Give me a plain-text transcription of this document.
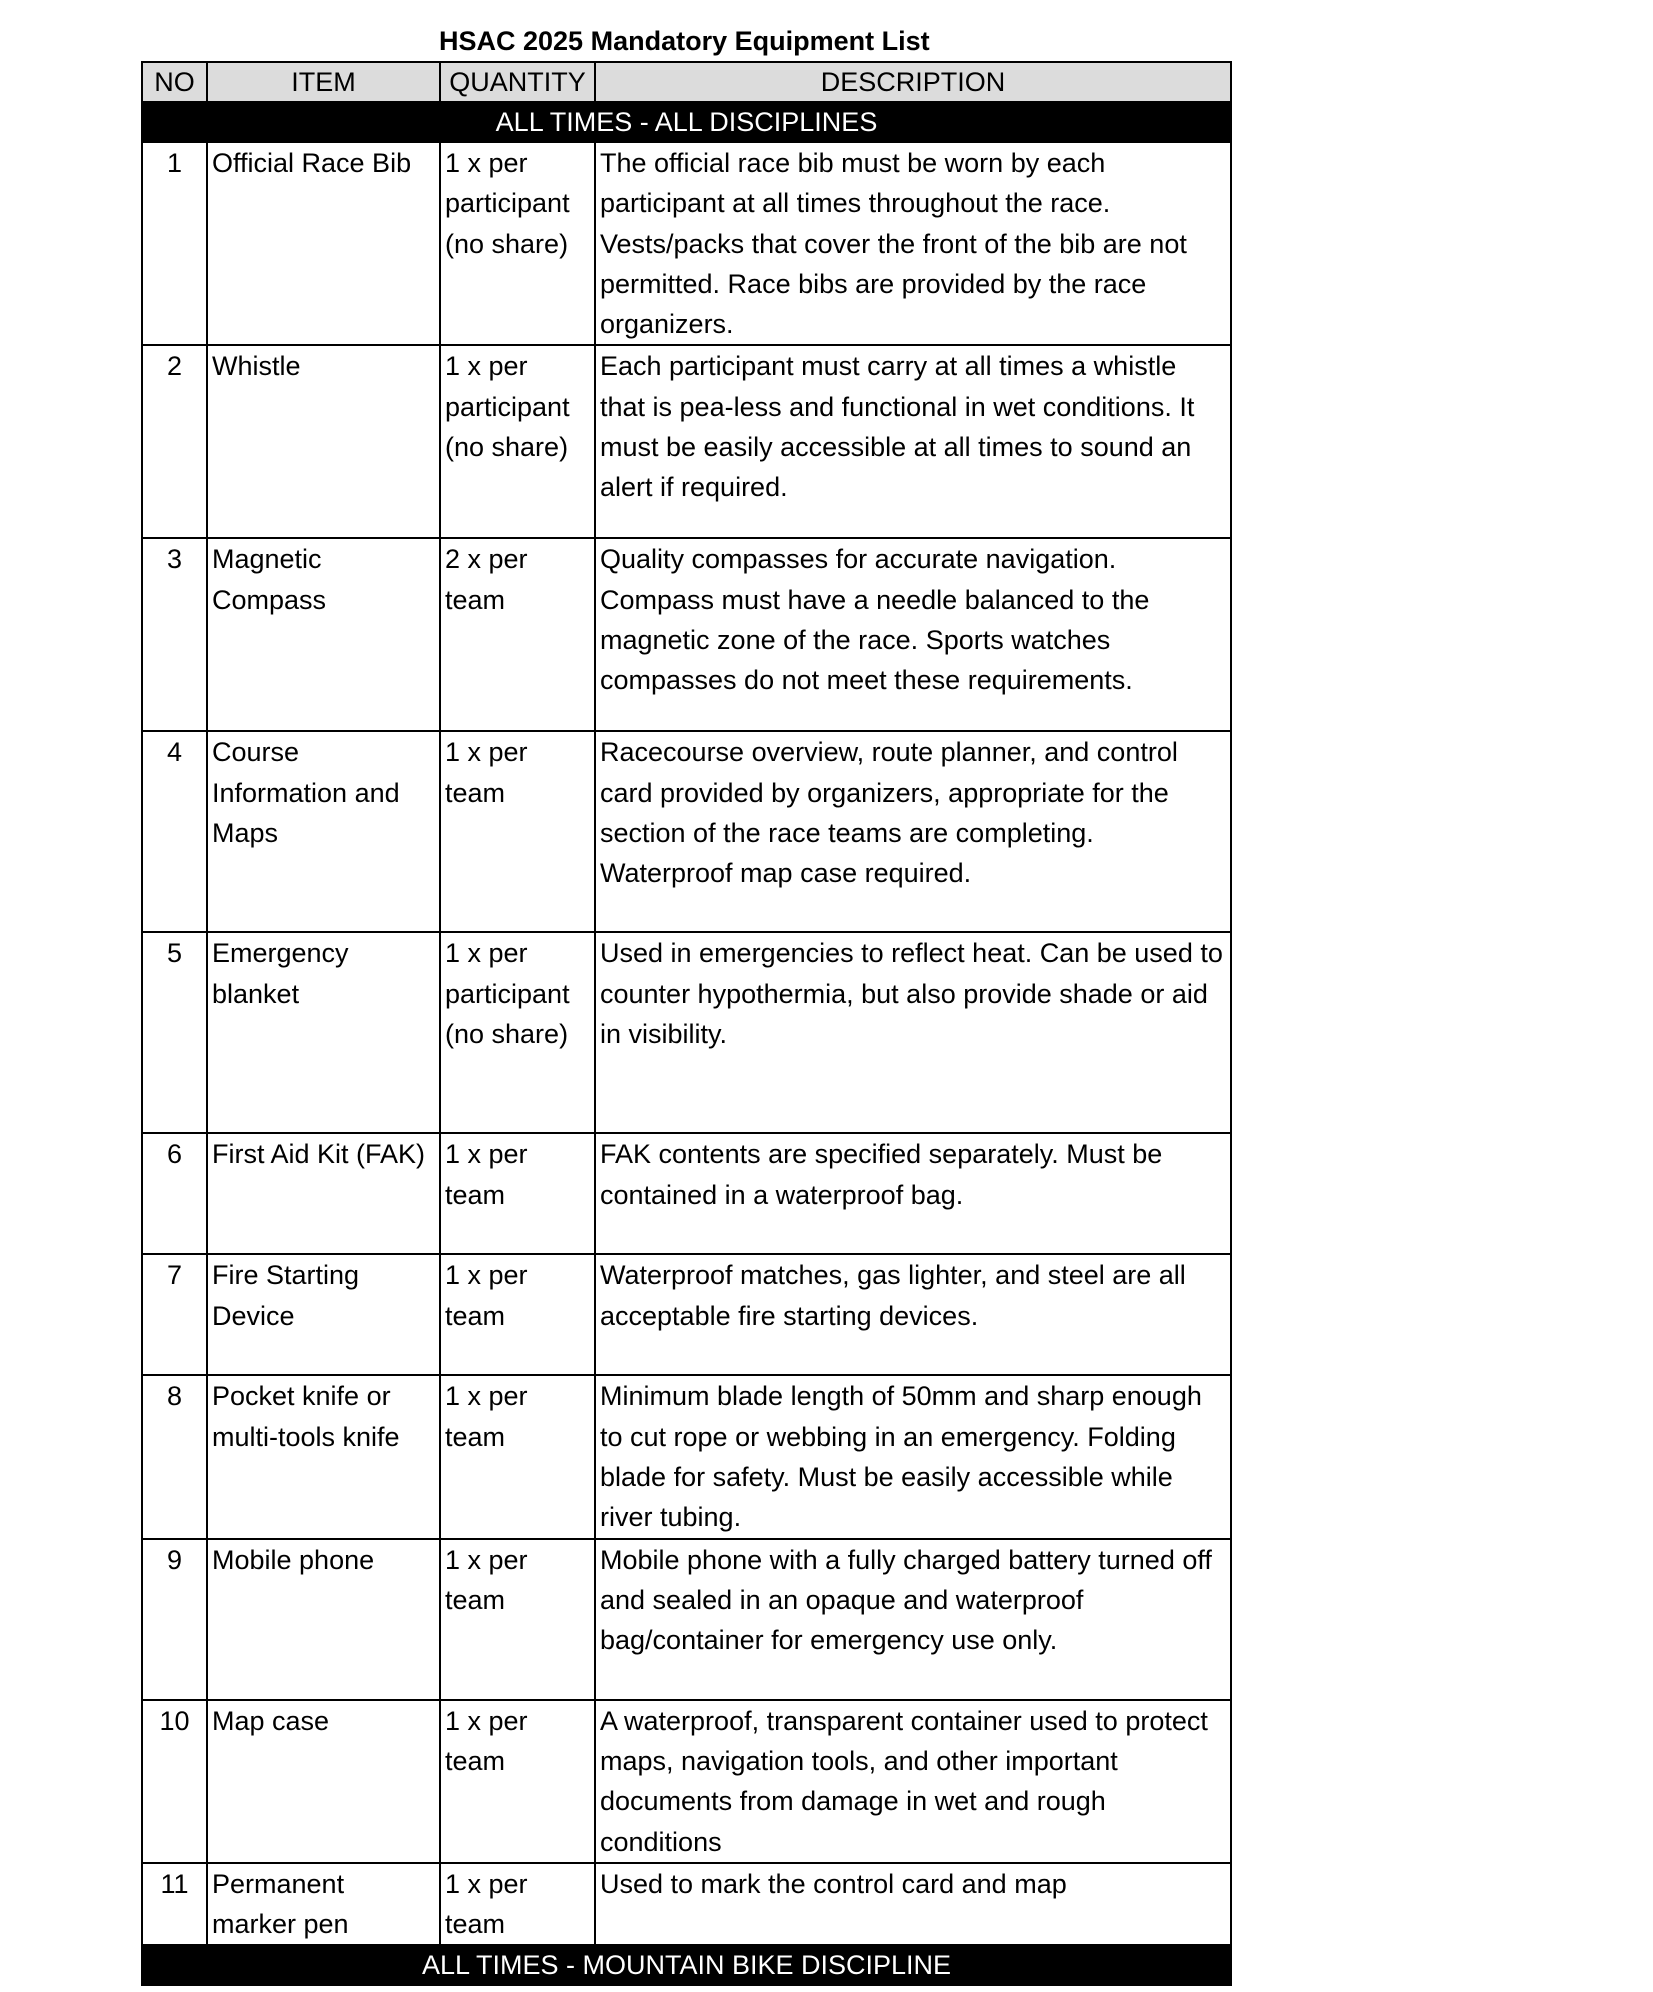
HSAC 2025 Mandatory Equipment List
NO	ITEM	QUANTITY	DESCRIPTION
ALL TIMES - ALL DISCIPLINES			
1	Official Race Bib	1 x per participant (no share)	The official race bib must be worn by each participant at all times throughout the race. Vests/packs that cover the front of the bib are not permitted. Race bibs are provided by the race organizers.
2	Whistle	1 x per participant (no share)	Each participant must carry at all times a whistle that is pea-less and functional in wet conditions. It must be easily accessible at all times to sound an alert if required.
3	Magnetic Compass	2 x per team	Quality compasses for accurate navigation. Compass must have a needle balanced to the magnetic zone of the race. Sports watches compasses do not meet these requirements.
4	Course Information and Maps	1 x per team	Racecourse overview, route planner, and control card provided by organizers, appropriate for the section of the race teams are completing. Waterproof map case required.
5	Emergency blanket	1 x per participant (no share)	Used in emergencies to reflect heat. Can be used to counter hypothermia, but also provide shade or aid in visibility.
6	First Aid Kit (FAK)	1 x per team	FAK contents are specified separately. Must be contained in a waterproof bag.
7	Fire Starting Device	1 x per team	Waterproof matches, gas lighter, and steel are all acceptable fire starting devices.
8	Pocket knife or multi-tools knife	1 x per team	Minimum blade length of 50mm and sharp enough to cut rope or webbing in an emergency. Folding blade for safety. Must be easily accessible while river tubing.
9	Mobile phone	1 x per team	Mobile phone with a fully charged battery turned off and sealed in an opaque and waterproof bag/container for emergency use only.
10	Map case	1 x per team	A waterproof, transparent container used to protect maps, navigation tools, and other important documents from damage in wet and rough conditions
11	Permanent marker pen	1 x per team	Used to mark the control card and map
ALL TIMES - MOUNTAIN BIKE DISCIPLINE			
